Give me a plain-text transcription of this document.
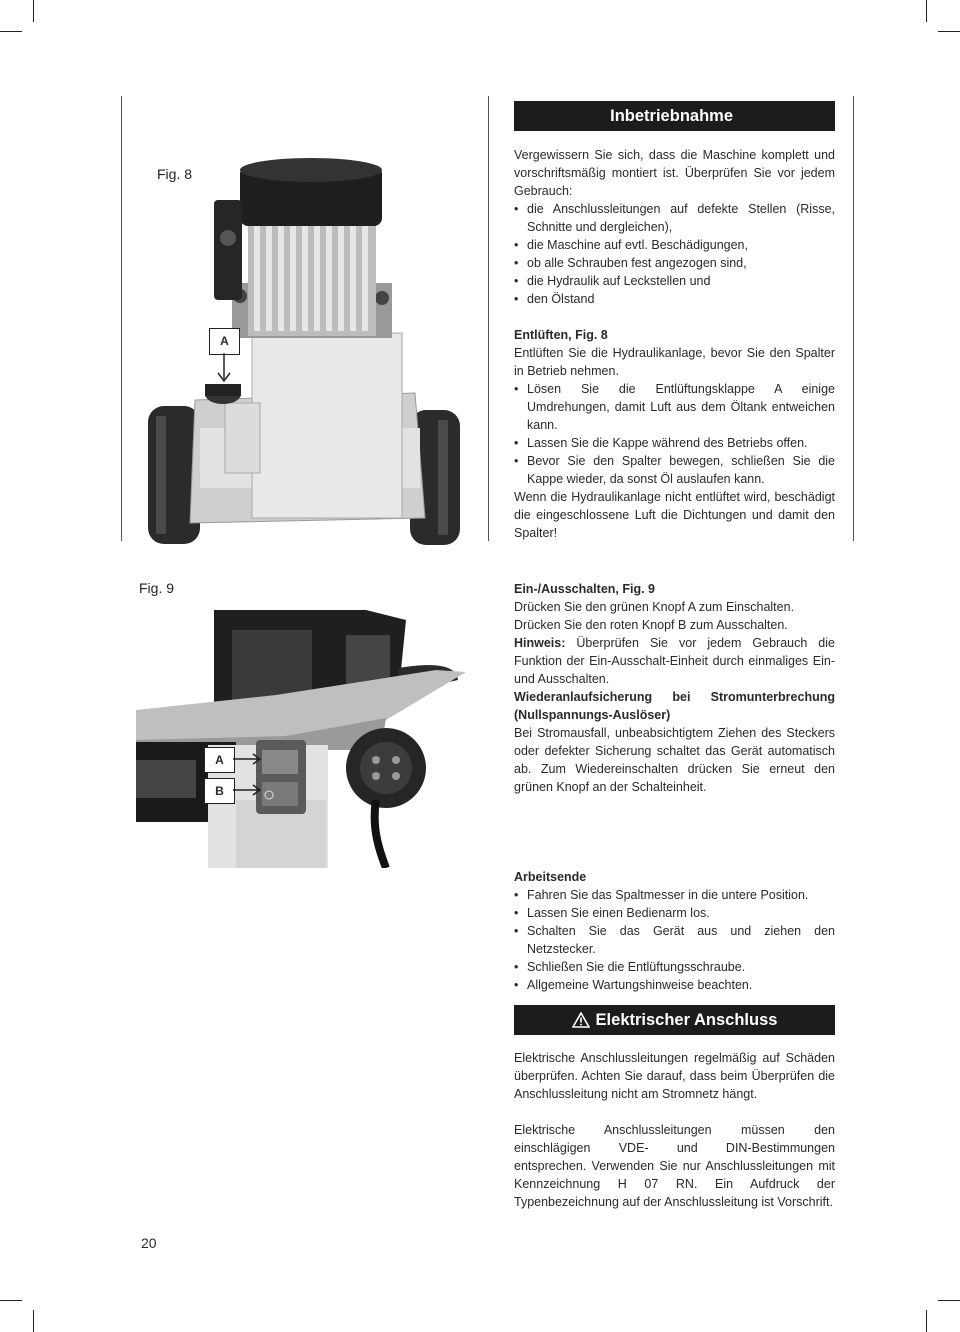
Inbetriebnahme
Fig. 8
A

Vergewissern Sie sich, dass die Maschine komplett und vorschriftsmäßig montiert ist. Überprüfen Sie vor jedem Gebrauch:

• die Anschlussleitungen auf defekte Stellen (Risse, Schnitte und dergleichen),

• die Maschine auf evtl. Beschädigungen,

• ob alle Schrauben fest angezogen sind,

• die Hydraulik auf Leckstellen und

• den Ölstand

Entlüften, Fig. 8

Entlüften Sie die Hydraulikanlage, bevor Sie den Spalter in Betrieb nehmen.

• Lösen Sie die Entlüftungsklappe A einige Umdrehungen, damit Luft aus dem Öltank entweichen kann.

• Lassen Sie die Kappe während des Betriebs offen.

• Bevor Sie den Spalter bewegen, schließen Sie die Kappe wieder, da sonst Öl auslaufen kann.

Wenn die Hydraulikanlage nicht entlüftet wird, beschädigt die eingeschlossene Luft die Dichtungen und damit den Spalter!

Fig. 9
A
B

Ein-/Ausschalten, Fig. 9

Drücken Sie den grünen Knopf A zum Einschalten.

Drücken Sie den roten Knopf B zum Ausschalten.

Hinweis: Überprüfen Sie vor jedem Gebrauch die Funktion der Ein-Ausschalt-Einheit durch einmaliges Ein- und Ausschalten.

Wiederanlaufsicherung bei Stromunterbrechung (Nullspannungs-Auslöser)

Bei Stromausfall, unbeabsichtigtem Ziehen des Steckers oder defekter Sicherung schaltet das Gerät automatisch ab. Zum Wiedereinschalten drücken Sie erneut den grünen Knopf an der Schalteinheit.

Arbeitsende

• Fahren Sie das Spaltmesser in die untere Position.

• Lassen Sie einen Bedienarm los.

• Schalten Sie das Gerät aus und ziehen den Netzstecker.

• Schließen Sie die Entlüftungsschraube.

• Allgemeine Wartungshinweise beachten.

Elektrischer Anschluss

Elektrische Anschlussleitungen regelmäßig auf Schäden überprüfen. Achten Sie darauf, dass beim Überprüfen die Anschlussleitung nicht am Stromnetz hängt.

Elektrische Anschlussleitungen müssen den einschlägigen VDE- und DIN-Bestimmungen entsprechen. Verwenden Sie nur Anschlussleitungen mit Kennzeichnung H 07 RN. Ein Aufdruck der Typenbezeichnung auf der Anschlussleitung ist Vorschrift.

20
